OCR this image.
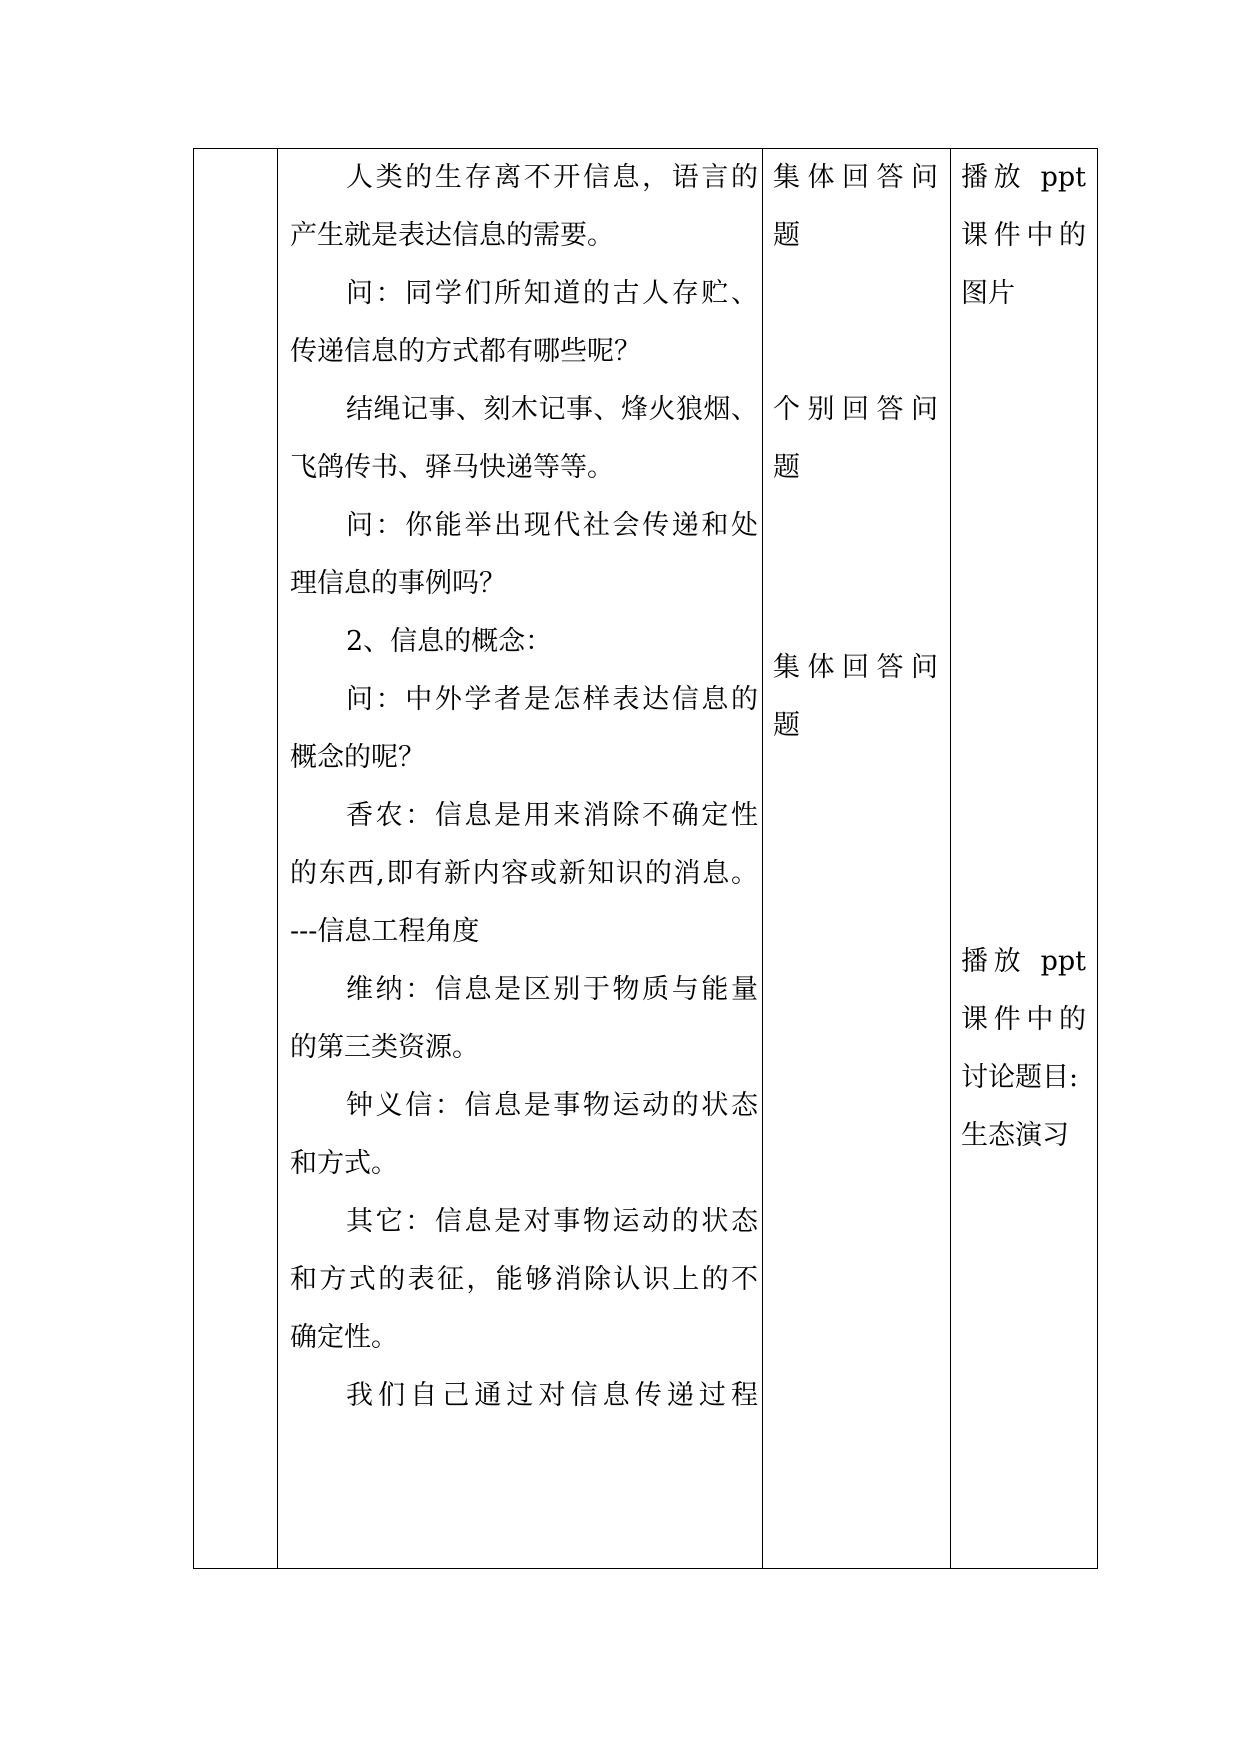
人类的生存离不开信息，语言的
产生就是表达信息的需要。
问：同学们所知道的古人存贮、
传递信息的方式都有哪些呢？
结绳记事、刻木记事、烽火狼烟、
飞鸽传书、驿马快递等等。
问：你能举出现代社会传递和处
理信息的事例吗？
2、信息的概念：
问：中外学者是怎样表达信息的
概念的呢？
香农：信息是用来消除不确定性
的东西,即有新内容或新知识的消息。
---信息工程角度
维纳：信息是区别于物质与能量
的第三类资源。
钟义信：信息是事物运动的状态
和方式。
其它：信息是对事物运动的状态
和方式的表征，能够消除认识上的不
确定性。
我们自己通过对信息传递过程
集体回答问
题
个别回答问
题
集体回答问
题
播放 ppt
课件中的
图片
播放 ppt
课件中的
讨论题目:
生态演习
